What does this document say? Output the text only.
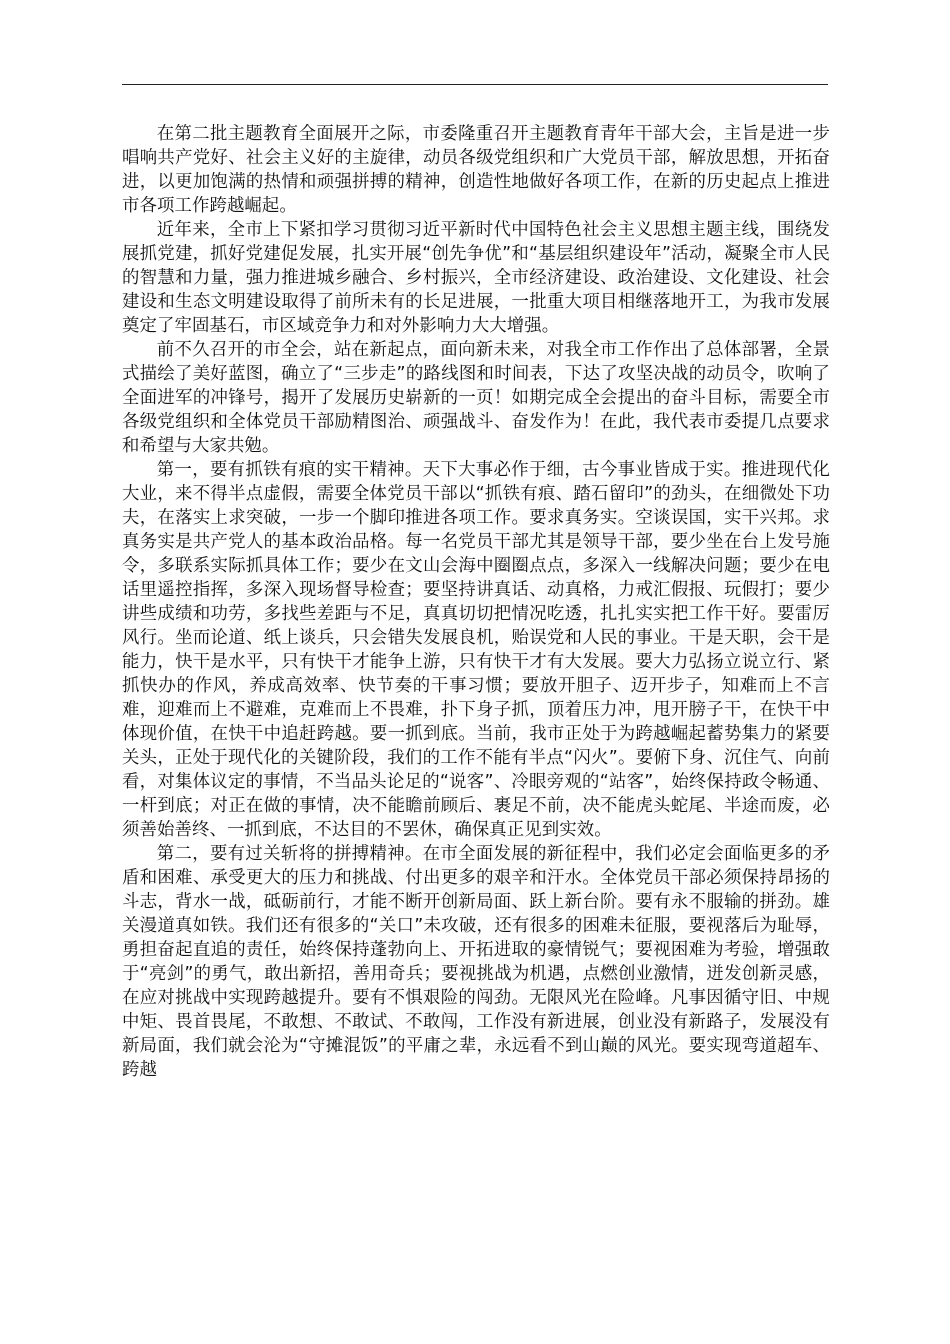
在第二批主题教育全面展开之际，市委隆重召开主题教育青年干部大会，主旨是进一步唱响共产党好、社会主义好的主旋律，动员各级党组织和广大党员干部，解放思想，开拓奋进，以更加饱满的热情和顽强拼搏的精神，创造性地做好各项工作，在新的历史起点上推进市各项工作跨越崛起。

近年来，全市上下紧扣学习贯彻习近平新时代中国特色社会主义思想主题主线，围绕发展抓党建，抓好党建促发展，扎实开展“创先争优”和“基层组织建设年”活动，凝聚全市人民的智慧和力量，强力推进城乡融合、乡村振兴，全市经济建设、政治建设、文化建设、社会建设和生态文明建设取得了前所未有的长足进展，一批重大项目相继落地开工，为我市发展奠定了牢固基石，市区域竞争力和对外影响力大大增强。

前不久召开的市全会，站在新起点，面向新未来，对我全市工作作出了总体部署，全景式描绘了美好蓝图，确立了“三步走”的路线图和时间表，下达了攻坚决战的动员令，吹响了全面进军的冲锋号，揭开了发展历史崭新的一页！如期完成全会提出的奋斗目标，需要全市各级党组织和全体党员干部励精图治、顽强战斗、奋发作为！在此，我代表市委提几点要求和希望与大家共勉。

第一，要有抓铁有痕的实干精神。天下大事必作于细，古今事业皆成于实。推进现代化大业，来不得半点虚假，需要全体党员干部以“抓铁有痕、踏石留印”的劲头，在细微处下功夫，在落实上求突破，一步一个脚印推进各项工作。要求真务实。空谈误国，实干兴邦。求真务实是共产党人的基本政治品格。每一名党员干部尤其是领导干部，要少坐在台上发号施令，多联系实际抓具体工作；要少在文山会海中圈圈点点，多深入一线解决问题；要少在电话里遥控指挥，多深入现场督导检查；要坚持讲真话、动真格，力戒汇假报、玩假打；要少讲些成绩和功劳，多找些差距与不足，真真切切把情况吃透，扎扎实实把工作干好。要雷厉风行。坐而论道、纸上谈兵，只会错失发展良机，贻误党和人民的事业。干是天职，会干是能力，快干是水平，只有快干才能争上游，只有快干才有大发展。要大力弘扬立说立行、紧抓快办的作风，养成高效率、快节奏的干事习惯；要放开胆子、迈开步子，知难而上不言难，迎难而上不避难，克难而上不畏难，扑下身子抓，顶着压力冲，甩开膀子干，在快干中体现价值，在快干中追赶跨越。要一抓到底。当前，我市正处于为跨越崛起蓄势集力的紧要关头，正处于现代化的关键阶段，我们的工作不能有半点“闪火”。要俯下身、沉住气、向前看，对集体议定的事情，不当品头论足的“说客”、冷眼旁观的“站客”，始终保持政令畅通、一杆到底；对正在做的事情，决不能瞻前顾后、裹足不前，决不能虎头蛇尾、半途而废，必须善始善终、一抓到底，不达目的不罢休，确保真正见到实效。

第二，要有过关斩将的拼搏精神。在市全面发展的新征程中，我们必定会面临更多的矛盾和困难、承受更大的压力和挑战、付出更多的艰辛和汗水。全体党员干部必须保持昂扬的斗志，背水一战，砥砺前行，才能不断开创新局面、跃上新台阶。要有永不服输的拼劲。雄关漫道真如铁。我们还有很多的“关口”未攻破，还有很多的困难未征服，要视落后为耻辱，勇担奋起直追的责任，始终保持蓬勃向上、开拓进取的豪情锐气；要视困难为考验，增强敢于“亮剑”的勇气，敢出新招，善用奇兵；要视挑战为机遇，点燃创业激情，迸发创新灵感，在应对挑战中实现跨越提升。要有不惧艰险的闯劲。无限风光在险峰。凡事因循守旧、中规中矩、畏首畏尾，不敢想、不敢试、不敢闯，工作没有新进展，创业没有新路子，发展没有新局面，我们就会沦为“守摊混饭”的平庸之辈，永远看不到山巅的风光。要实现弯道超车、跨越
